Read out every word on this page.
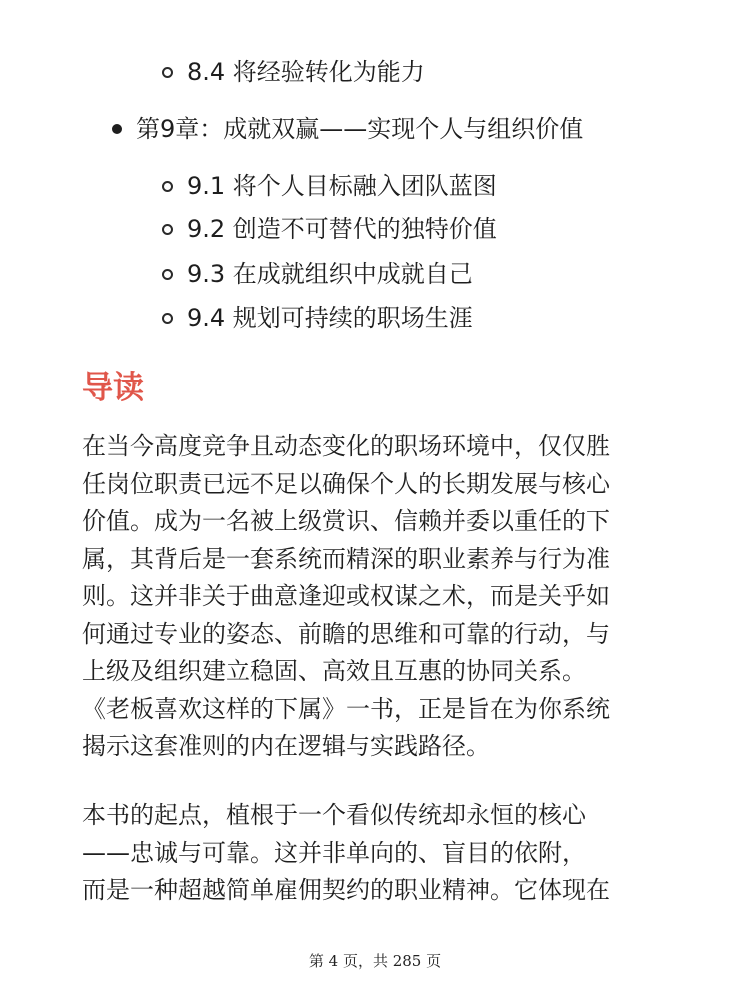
8.4 将经验转化为能力
第9章：成就双赢——实现个人与组织价值
9.1 将个人目标融入团队蓝图
9.2 创造不可替代的独特价值
9.3 在成就组织中成就自己
9.4 规划可持续的职场生涯
导读
在当今高度竞争且动态变化的职场环境中，仅仅胜
任岗位职责已远不足以确保个人的长期发展与核心
价值。成为一名被上级赏识、信赖并委以重任的下
属，其背后是一套系统而精深的职业素养与行为准
则。这并非关于曲意逢迎或权谋之术，而是关乎如
何通过专业的姿态、前瞻的思维和可靠的行动，与
上级及组织建立稳固、高效且互惠的协同关系。
《老板喜欢这样的下属》一书，正是旨在为你系统
揭示这套准则的内在逻辑与实践路径。
本书的起点，植根于一个看似传统却永恒的核心
——忠诚与可靠。这并非单向的、盲目的依附，
而是一种超越简单雇佣契约的职业精神。它体现在
第 4 页，共 285 页
